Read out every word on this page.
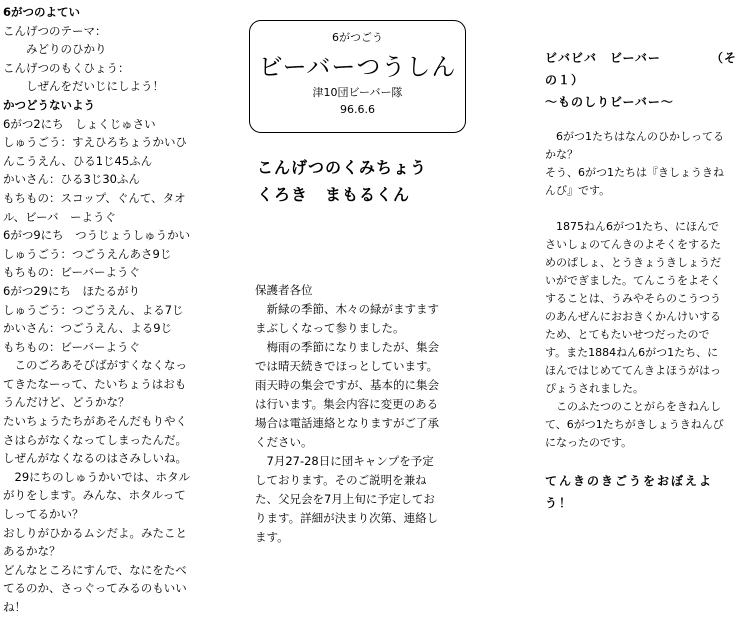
6がつのよてい
こんげつのテーマ：
　　みどりのひかり
こんげつのもくひょう：
　　しぜんをだいじにしよう！
かつどうないよう
6がつ2にち　しょくじゅさい
しゅうごう：すえひろちょうかいひ
んこうえん、ひる1じ45ふん
かいさん：ひる3じ30ふん
もちもの：スコップ、ぐんて、タオ
ル、ビーバ　ーようぐ
6がつ9にち　つうじょうしゅうかい
しゅうごう：つごうえんあさ9じ
もちもの：ビーバーようぐ
6がつ29にち　ほたるがり
しゅうごう：つごうえん、よる7じ
かいさん：つごうえん、よる9じ
もちもの：ビーバーようぐ
　このごろあそびばがすくなくなっ
てきたなーって、たいちょうはおも
うんだけど、どうかな？
たいちょうたちがあそんだもりやく
さはらがなくなってしまったんだ。
しぜんがなくなるのはさみしいね。
　29にちのしゅうかいでは、ホタル
がりをします。みんな、ホタルって
しってるかい？
おしりがひかるムシだよ。みたこと
あるかな？
どんなところにすんで、なにをたべ
てるのか、さっぐってみるのもいい
ね！
6がつごう
ビーバーつうしん
津10団ビーバー隊
96.6.6
こんげつのくみちょう
くろき　まもるくん
保護者各位
　新緑の季節、木々の緑がますます
まぶしくなって参りました。
　梅雨の季節になりましたが、集会
では晴天続きでほっとしています。
雨天時の集会ですが、基本的に集会
は行います。集会内容に変更のある
場合は電話連絡となりますがご了承
ください。
　7月27-28日に団キャンプを予定
しております。そのご説明を兼ね
た、父兄会を7月上旬に予定してお
ります。詳細が決まり次第、連絡し
ます。
ビバビバ　ビーバー	（そ
の１）
～ものしりビーバー～
　6がつ1たちはなんのひかしってる
かな？
そう、6がつ1たちは『きしょうきね
んび』です。
　1875ねん6がつ1たち、にほんで
さいしょのてんきのよそくをするた
めのぱしょ、とうきょうきしょうだ
いがでぎました。てんこうをよそく
することは、うみやそらのこうつう
のあんぜんにおおきくかんけいする
ため、とてもたいせつだったので
す。また1884ねん6がつ1たち、に
ほんではじめててんきよほうがはっ
ぴょうされました。
　このふたつのことがらをきねんし
て、6がつ1たちがきしょうきねんび
になったのです。
てんきのきごうをおぼえよ
う！
